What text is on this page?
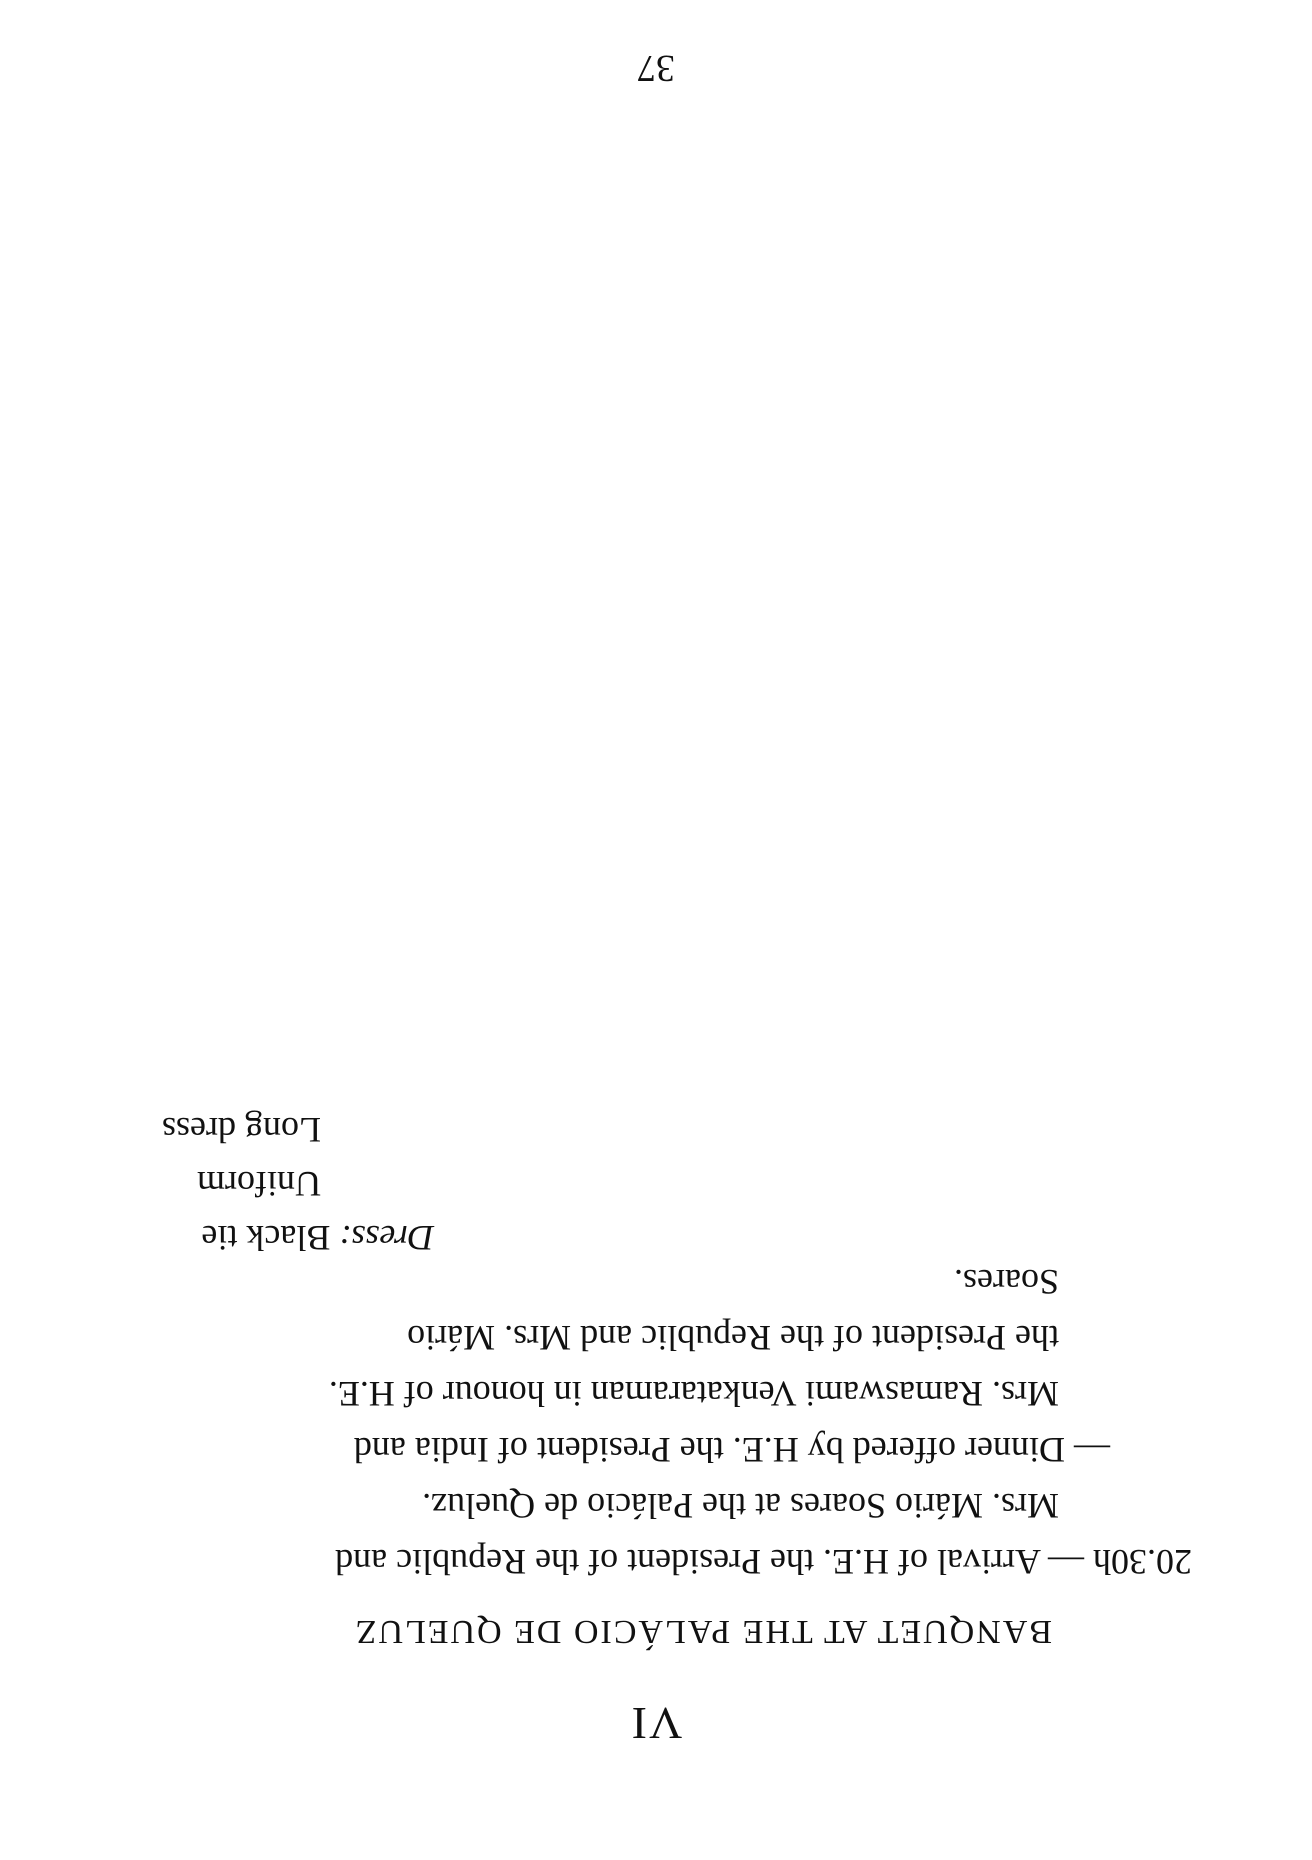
VI
BANQUET AT THE PALÁCIO DE QUELUZ
20.30h — Arrival of H.E. the President of the Republic and
Mrs. Mário Soares at the Palácio de Queluz.
— Dinner offered by H.E. the President of India and
Mrs. Ramaswami Venkataraman in honour of H.E.
the President of the Republic and Mrs. Mário
Soares.
Dress: Black tie
Uniform
Long dress
37
